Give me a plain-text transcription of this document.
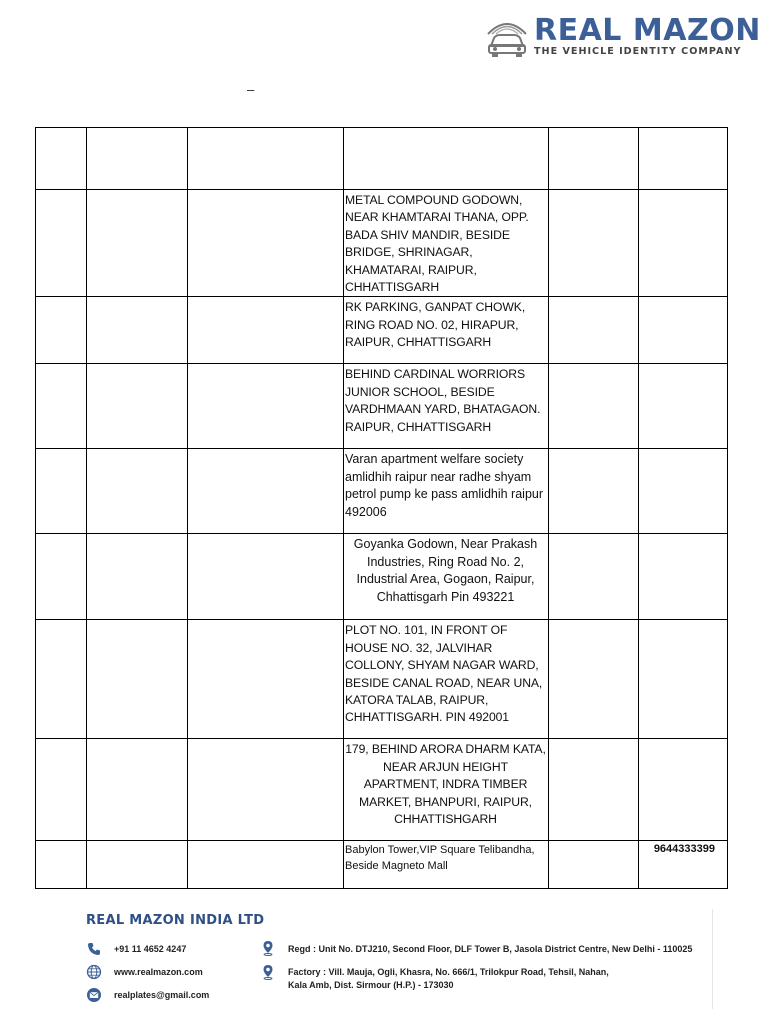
REAL MAZON
THE VEHICLE IDENTITY COMPANY
–

			METAL COMPOUND GODOWN, NEAR KHAMTARAI THANA, OPP. BADA SHIV MANDIR, BESIDE BRIDGE, SHRINAGAR, KHAMATARAI, RAIPUR, CHHATTISGARH		
			RK PARKING, GANPAT CHOWK, RING ROAD NO. 02, HIRAPUR, RAIPUR, CHHATTISGARH		
			BEHIND CARDINAL WORRIORS JUNIOR SCHOOL, BESIDE VARDHMAAN YARD, BHATAGAON. RAIPUR, CHHATTISGARH		
			Varan apartment welfare society amlidhih raipur near radhe shyam petrol pump ke pass amlidhih raipur 492006		
			Goyanka Godown, Near Prakash Industries, Ring Road No. 2, Industrial Area, Gogaon, Raipur, Chhattisgarh Pin 493221		
			PLOT NO. 101, IN FRONT OF HOUSE NO. 32, JALVIHAR COLLONY, SHYAM NAGAR WARD, BESIDE CANAL ROAD, NEAR UNA, KATORA TALAB, RAIPUR, CHHATTISGARH. PIN 492001		
			179, BEHIND ARORA DHARM KATA, NEAR ARJUN HEIGHT APARTMENT, INDRA TIMBER MARKET, BHANPURI, RAIPUR, CHHATTISHGARH		
			Babylon Tower,VIP Square Telibandha, Beside Magneto Mall		9644333399
REAL MAZON INDIA LTD
+91 11 4652 4247
www.realmazon.com
realplates@gmail.com
Regd : Unit No. DTJ210, Second Floor, DLF Tower B, Jasola District Centre, New Delhi - 110025
Factory : Vill. Mauja, Ogli, Khasra, No. 666/1, Trilokpur Road, Tehsil, Nahan,
Kala Amb, Dist. Sirmour (H.P.) - 173030
